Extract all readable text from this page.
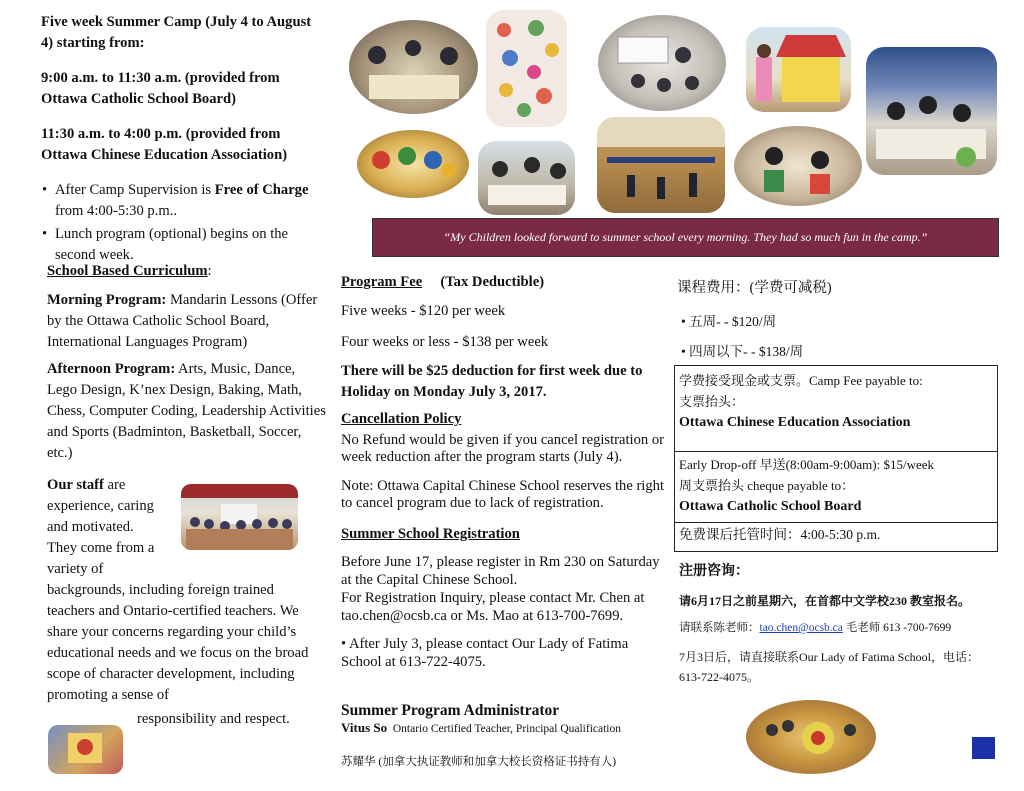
Five week Summer Camp (July 4 to August 4) starting from:

9:00 a.m. to 11:30 a.m. (provided from Ottawa Catholic School Board)

11:30 a.m. to 4:00 p.m. (provided from Ottawa Chinese Education Association)

• After Camp Supervision is Free of Charge from 4:00-5:30 p.m..
• Lunch program (optional) begins on the second week.
School Based Curriculum:
Morning Program: Mandarin Lessons (Offer by the Ottawa Catholic School Board, International Languages Program)
Afternoon Program: Arts, Music, Dance, Lego Design, K’nex Design, Baking, Math, Chess, Computer Coding, Leadership Activities and Sports (Badminton, Basketball, Soccer, etc.)
Our staff are
experience, caring
and motivated.
They come from a
variety of
backgrounds, including foreign trained teachers and Ontario-certified teachers. We share your concerns regarding your child’s educational needs and we focus on the broad scope of character development, including promoting a sense of
responsibility and respect.
“My Children looked forward to summer school every morning. They had so much fun in the camp.”

Program Fee (Tax Deductible)

Five weeks - $120 per week

Four weeks or less - $138 per week

There will be $25 deduction for first week due to Holiday on Monday July 3, 2017.

Cancellation Policy

No Refund would be given if you cancel registration or week reduction after the program starts (July 4).

Note: Ottawa Capital Chinese School reserves the right to cancel program due to lack of registration.

Summer School Registration

Before June 17, please register in Rm 230 on Saturday at the Capital Chinese School.

For Registration Inquiry, please contact Mr. Chen at tao.chen@ocsb.ca or Ms. Mao at 613-700-7699.

• After July 3, please contact Our Lady of Fatima School at 613-722-4075.

Summer Program Administrator
Vitus So Ontario Certified Teacher, Principal Qualification
苏耀华 (加拿大执证教师和加拿大校长资格证书持有人)
课程费用：(学费可减税)
• 五周- - $120/周
• 四周以下- - $138/周
学费接受现金或支票。Camp Fee payable to:
支票抬头：
Ottawa Chinese Education Association
Early Drop-off 早送(8:00am-9:00am): $15/week
周支票抬头 cheque payable to：
Ottawa Catholic School Board
免费课后托管时间：4:00-5:30 p.m.
注册咨询：
请6月17日之前星期六，在首都中文学校230 教室报名。
请联系陈老师：tao.chen@ocsb.ca 毛老师 613 -700-7699
7月3日后，请直接联系Our Lady of Fatima School，电话：613-722-4075。
